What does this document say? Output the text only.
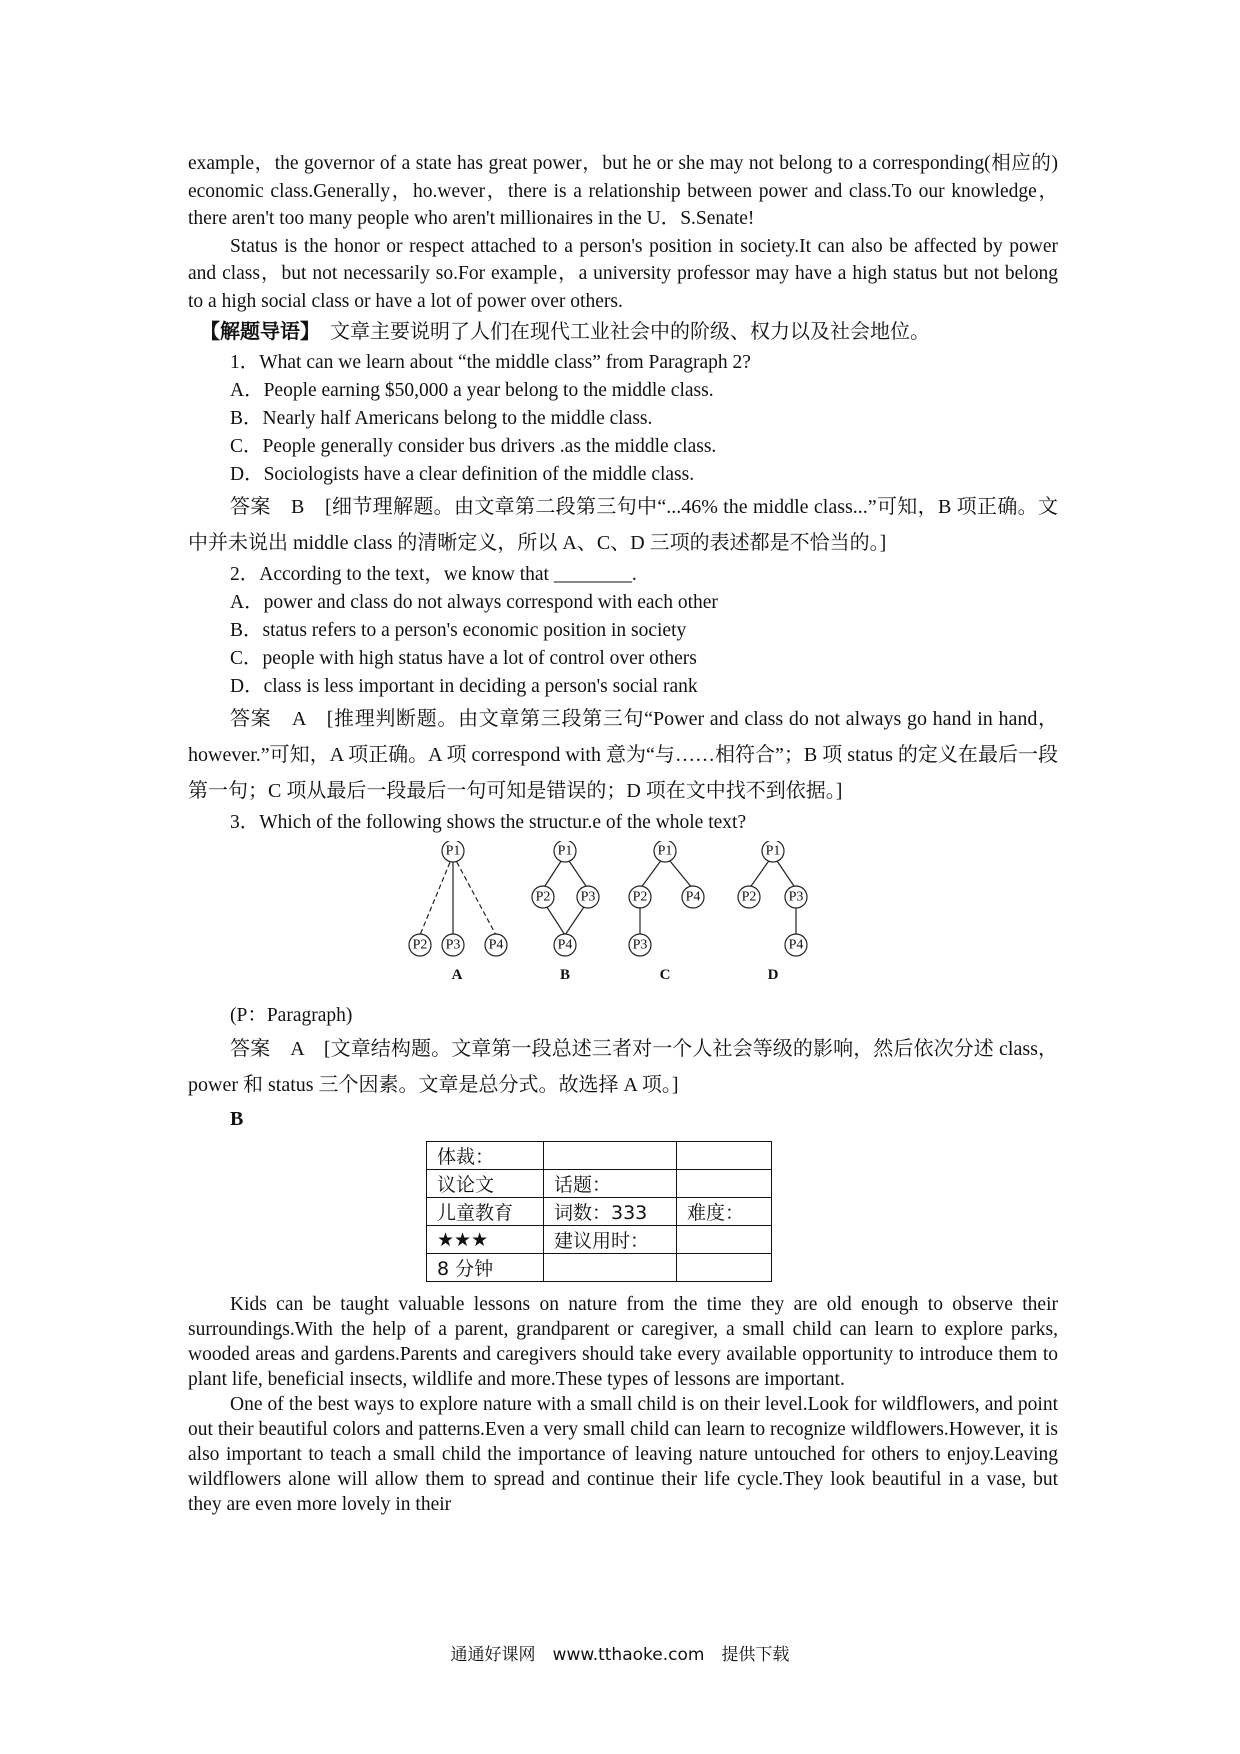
example，the governor of a state has great power，but he or she may not belong to a corresponding(相应的) economic class.Generally，ho.wever，there is a relationship between power and class.To our knowledge，there aren't too many people who aren't millionaires in the U．S.Senate!

Status is the honor or respect attached to a person's position in society.It can also be affected by power and class，but not necessarily so.For example，a university professor may have a high status but not belong to a high social class or have a lot of power over others.

【解题导语】　 文章主要说明了人们在现代工业社会中的阶级、权力以及社会地位。

1．What can we learn about “the middle class” from Paragraph 2?

A．People earning $50,000 a year belong to the middle class.

B．Nearly half Americans belong to the middle class.

C．People generally consider bus drivers .as the middle class.

D．Sociologists have a clear definition of the middle class.

答案　B　[细节理解题。由文章第二段第三句中“...46% the middle class...”可知，B 项正确。文中并未说出 middle class 的清晰定义，所以 A、C、D 三项的表述都是不恰当的。]

2．According to the text，we know that ________.

A．power and class do not always correspond with each other

B．status refers to a person's economic position in society

C．people with high status have a lot of control over others

D．class is less important in deciding a person's social rank

答案　A　[推理判断题。由文章第三段第三句“Power and class do not always go hand in hand，however.”可知，A 项正确。A 项 correspond with 意为“与……相符合”；B 项 status 的定义在最后一段第一句；C 项从最后一段最后一句可知是错误的；D 项在文中找不到依据。]

3．Which of the following shows the structur.e of the whole text?

P1
P2 P3 P4
P1
P2 P3
P4
P1
P2	P4
P3
P1
P2 P3
P4
A	B	C	D

(P：Paragraph)

答案　A　[文章结构题。文章第一段总述三者对一个人社会等级的影响，然后依次分述 class，power 和 status 三个因素。文章是总分式。故选择 A 项。]

B

体裁：		
议论文	话题：	
儿童教育	词数：333	难度：
★★★	建议用时：	
8 分钟		

Kids can be taught valuable lessons on nature from the time they are old enough to observe their surroundings.With the help of a parent, grandparent or caregiver, a small child can learn to explore parks, wooded areas and gardens.Parents and caregivers should take every available opportunity to introduce them to plant life, beneficial insects, wildlife and more.These types of lessons are important.

One of the best ways to explore nature with a small child is on their level.Look for wildflowers, and point out their beautiful colors and patterns.Even a very small child can learn to recognize wildflowers.However, it is also important to teach a small child the importance of leaving nature untouched for others to enjoy.Leaving wildflowers alone will allow them to spread and continue their life cycle.They look beautiful in a vase, but they are even more lovely in their

通通好课网　www.tthaoke.com　提供下载
